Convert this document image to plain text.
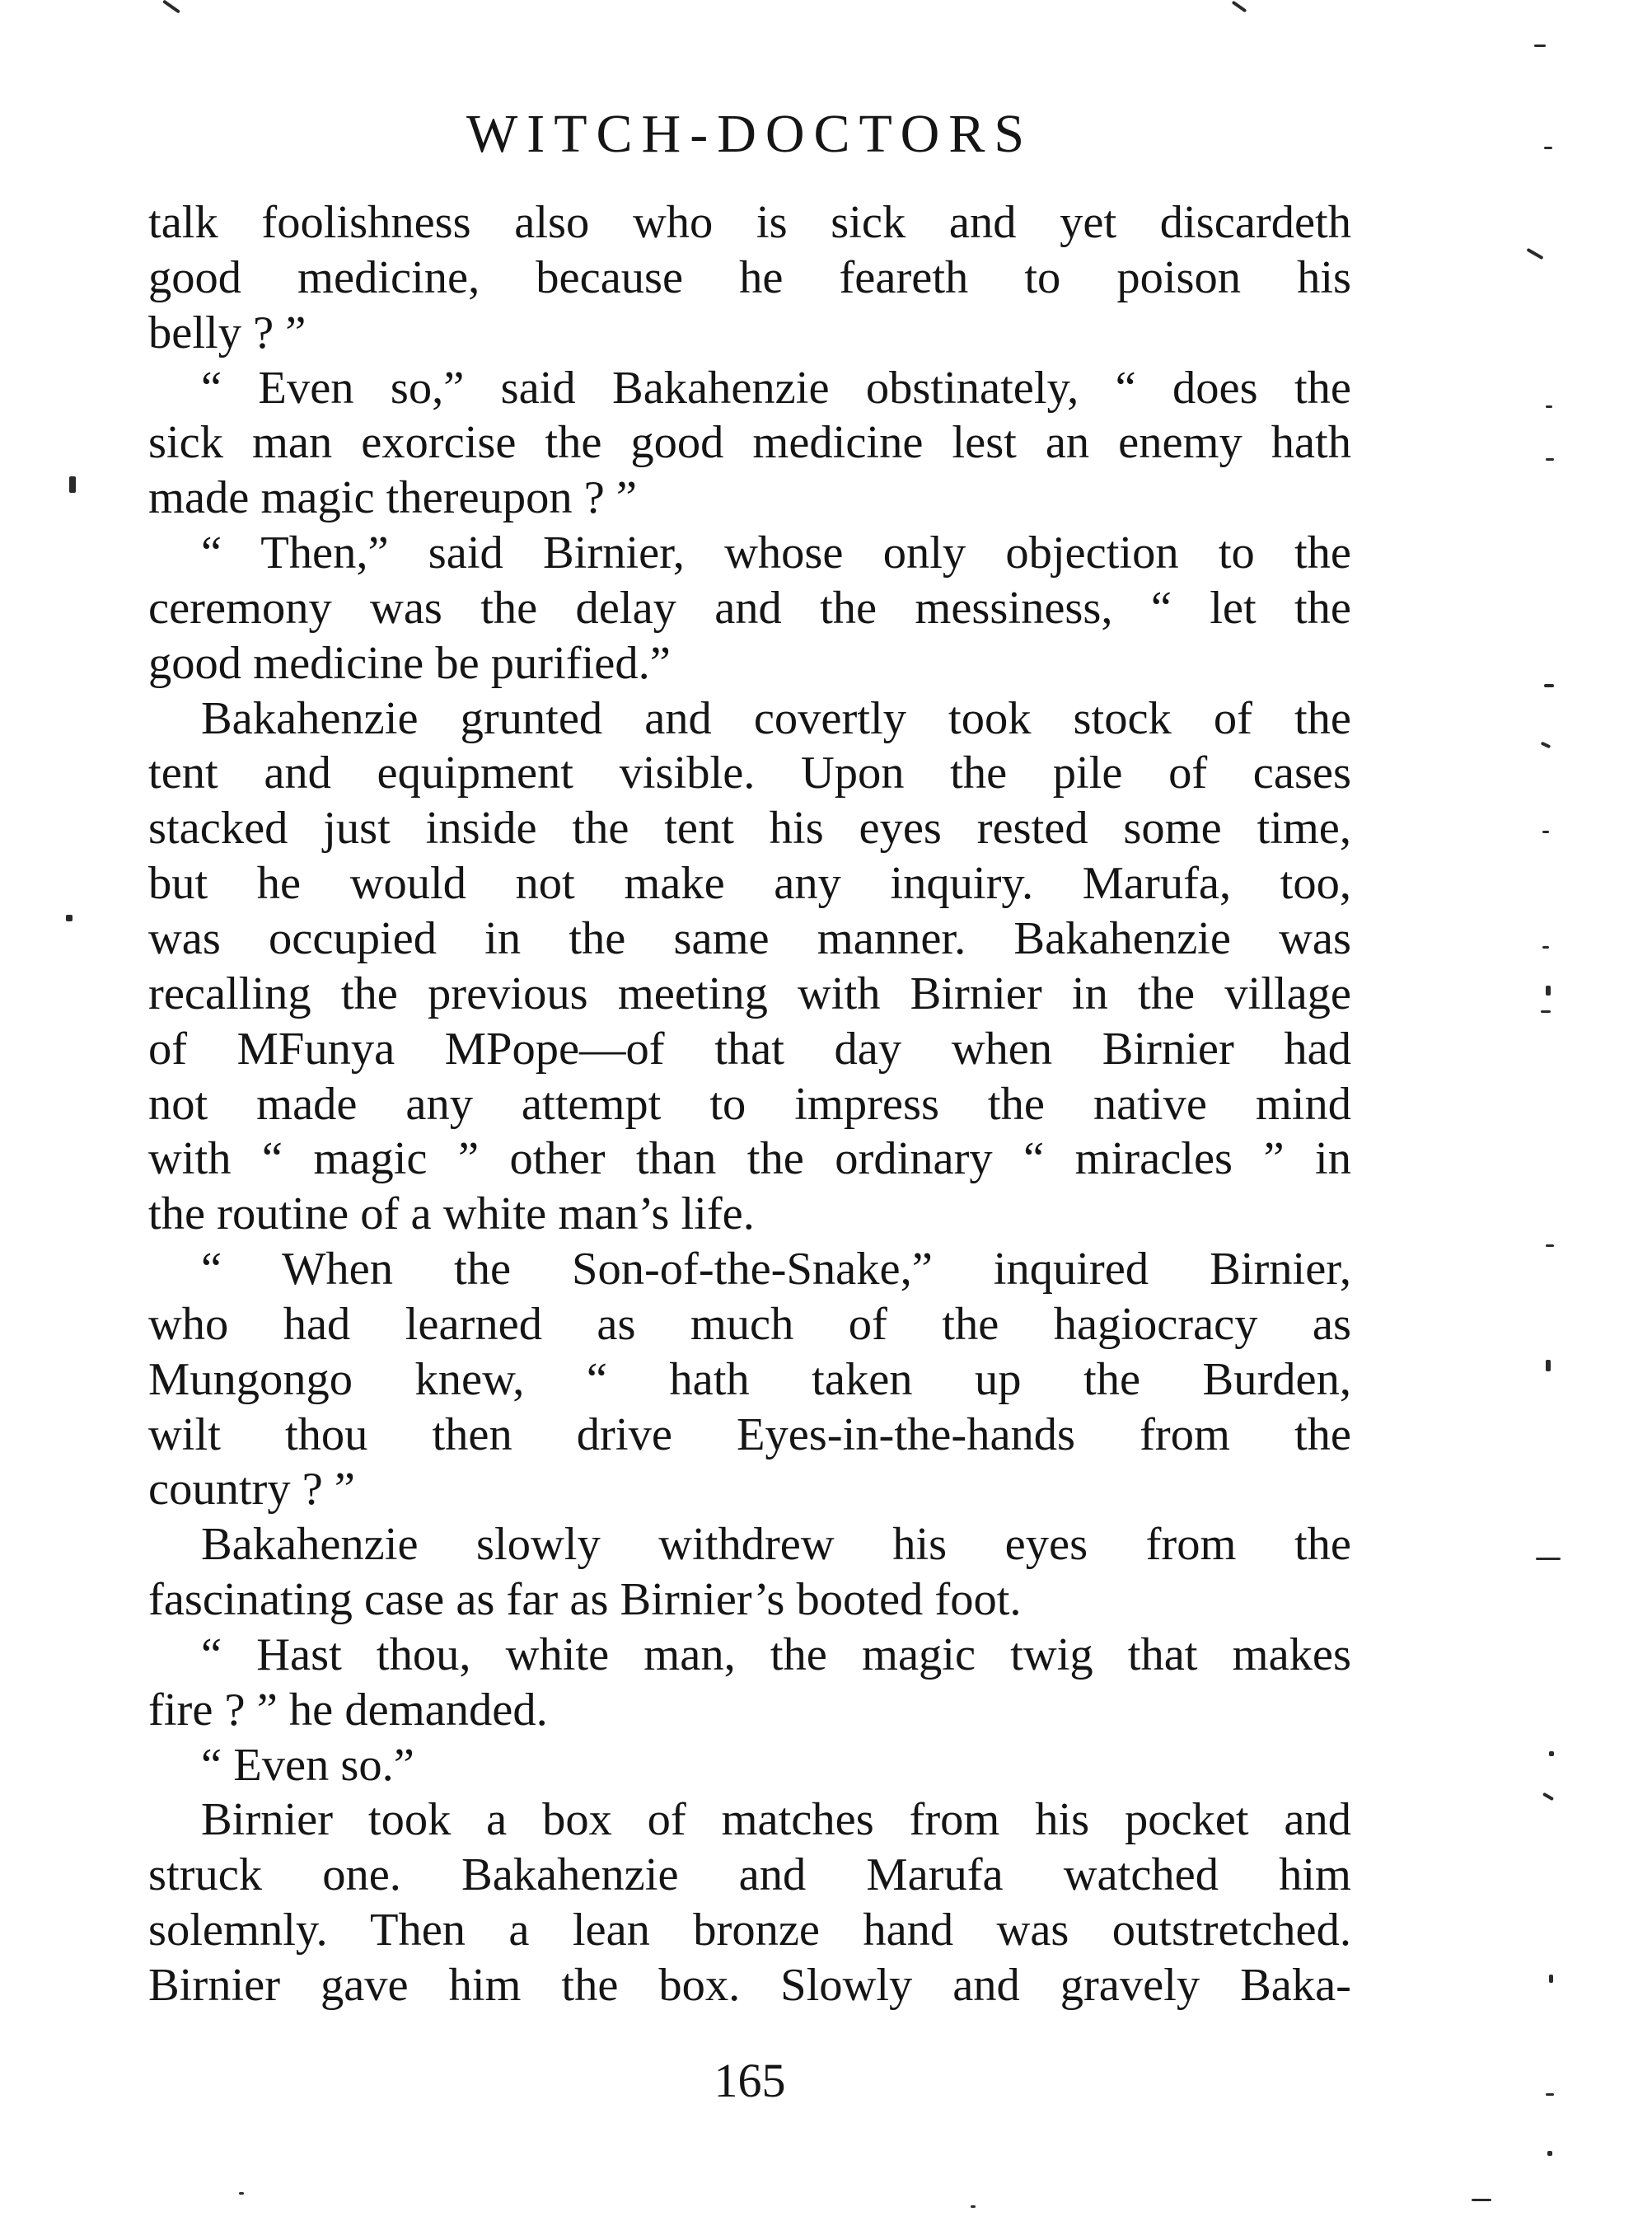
WITCH-DOCTORS
talk foolishness also who is sick and yet discardeth
good medicine, because he feareth to poison his
belly ? ”
“ Even so,” said Bakahenzie obstinately, “ does the
sick man exorcise the good medicine lest an enemy hath
made magic thereupon ? ”
“ Then,” said Birnier, whose only objection to the
ceremony was the delay and the messiness, “ let the
good medicine be purified.”
Bakahenzie grunted and covertly took stock of the
tent and equipment visible. Upon the pile of cases
stacked just inside the tent his eyes rested some time,
but he would not make any inquiry. Marufa, too,
was occupied in the same manner. Bakahenzie was
recalling the previous meeting with Birnier in the village
of MFunya MPope—of that day when Birnier had
not made any attempt to impress the native mind
with “ magic ” other than the ordinary “ miracles ” in
the routine of a white man’s life.
“ When the Son-of-the-Snake,” inquired Birnier,
who had learned as much of the hagiocracy as
Mungongo knew, “ hath taken up the Burden,
wilt thou then drive Eyes-in-the-hands from the
country ? ”
Bakahenzie slowly withdrew his eyes from the
fascinating case as far as Birnier’s booted foot.
“ Hast thou, white man, the magic twig that makes
fire ? ” he demanded.
“ Even so.”
Birnier took a box of matches from his pocket and
struck one. Bakahenzie and Marufa watched him
solemnly. Then a lean bronze hand was outstretched.
Birnier gave him the box. Slowly and gravely Baka-
165
